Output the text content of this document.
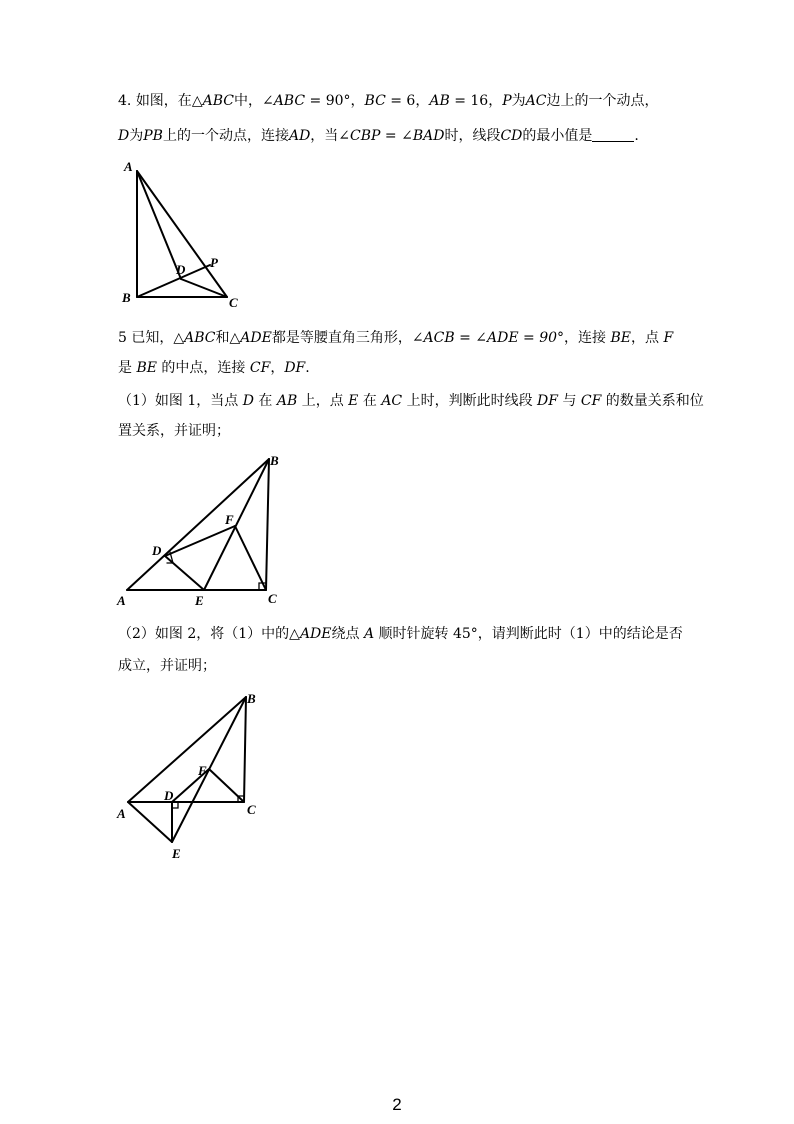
4. 如图，在△ABC中，∠ABC = 90°，BC = 6，AB = 16，P为AC边上的一个动点，
D为PB上的一个动点，连接AD，当∠CBP = ∠BAD时，线段CD的最小值是	.
A
B	C
D P
5 已知，△ABC和△ADE都是等腰直角三角形，∠ACB = ∠ADE = 90°，连接 BE，点 F
是 BE 的中点，连接 CF，DF.
（1）如图 1，当点 D 在 AB 上，点 E 在 AC 上时，判断此时线段 DF 与 CF 的数量关系和位
置关系，并证明；
A
B
C
D
E
F
（2）如图 2，将（1）中的△ADE绕点 A 顺时针旋转 45°，请判断此时（1）中的结论是否
成立，并证明；
A
B
C
D
E
F
2
